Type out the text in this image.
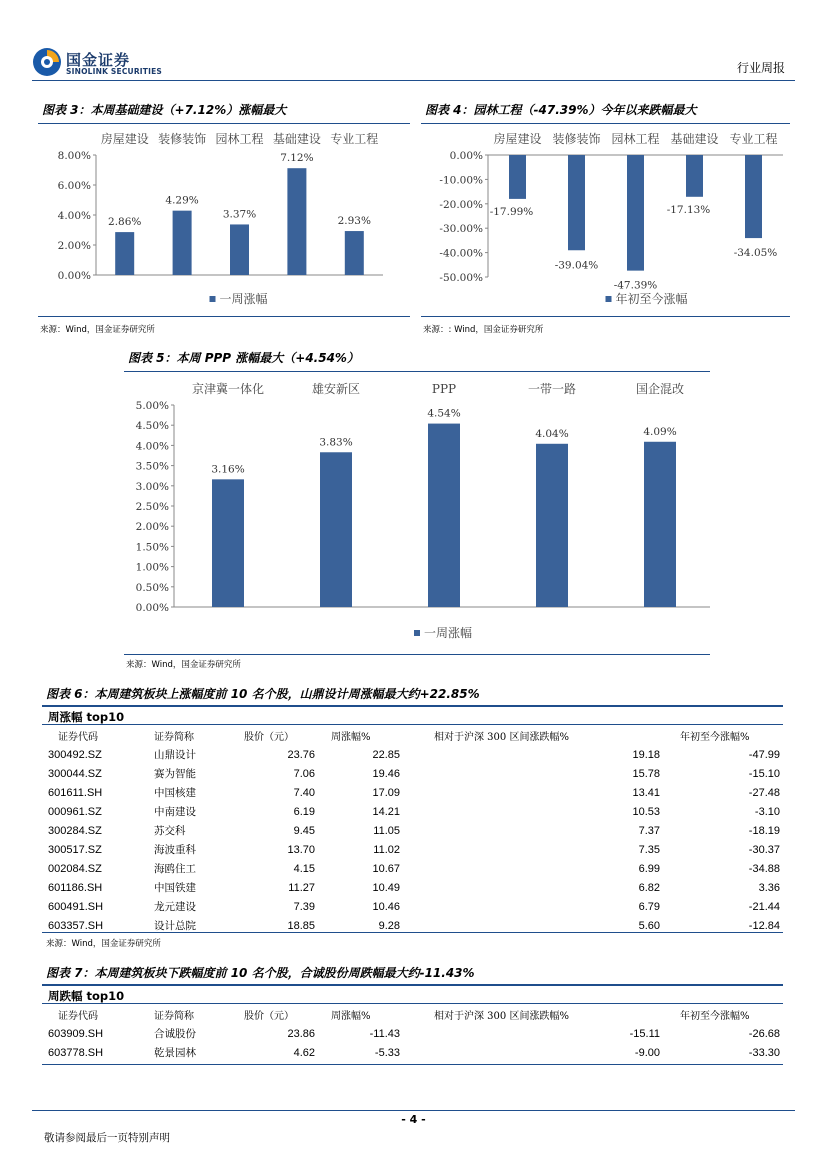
国金证券
SINOLINK SECURITIES	行业周报
图表 3：本周基础建设（+7.12%）涨幅最大
0.00%
2.00%
4.00%
6.00%
8.00%
房屋建设
2.86%
装修装饰
4.29%
园林工程
3.37%
基础建设
7.12%
专业工程
2.93%
一周涨幅
来源：Wind，国金证券研究所
图表 4：园林工程（-47.39%）今年以来跌幅最大
0.00%
-10.00%
-20.00%
-30.00%
-40.00%
-50.00%
房屋建设
-17.99%
装修装饰
-39.04%
园林工程
-47.39%
基础建设
-17.13%
专业工程
-34.05%
年初至今涨幅
来源：: Wind，国金证券研究所
图表 5：本周 PPP 涨幅最大（+4.54%）
0.00%
0.50%
1.00%
1.50%
2.00%
2.50%
3.00%
3.50%
4.00%
4.50%
5.00%
京津冀一体化
3.16%
雄安新区
3.83%
PPP
4.54%
一带一路
4.04%
国企混改
4.09%
一周涨幅
来源：Wind，国金证券研究所
图表 6：本周建筑板块上涨幅度前 10 名个股，山鼎设计周涨幅最大约+22.85%
周涨幅 top10
证券代码	证券简称	股价（元）	周涨幅%	相对于沪深 300 区间涨跌幅%	年初至今涨幅%
300492.SZ	山鼎设计	23.76	22.85	19.18	-47.99
300044.SZ	赛为智能	7.06	19.46	15.78	-15.10
601611.SH	中国核建	7.40	17.09	13.41	-27.48
000961.SZ	中南建设	6.19	14.21	10.53	-3.10
300284.SZ	苏交科	9.45	11.05	7.37	-18.19
300517.SZ	海波重科	13.70	11.02	7.35	-30.37
002084.SZ	海鸥住工	4.15	10.67	6.99	-34.88
601186.SH	中国铁建	11.27	10.49	6.82	3.36
600491.SH	龙元建设	7.39	10.46	6.79	-21.44
603357.SH	设计总院	18.85	9.28	5.60	-12.84
来源：Wind，国金证券研究所
图表 7：本周建筑板块下跌幅度前 10 名个股，合诚股份周跌幅最大约-11.43%
周跌幅 top10
证券代码	证券简称	股价（元）	周涨幅%	相对于沪深 300 区间涨跌幅%	年初至今涨幅%
603909.SH	合诚股份	23.86	-11.43	-15.11	-26.68
603778.SH	乾景园林	4.62	-5.33	-9.00	-33.30
- 4 -
敬请参阅最后一页特别声明
